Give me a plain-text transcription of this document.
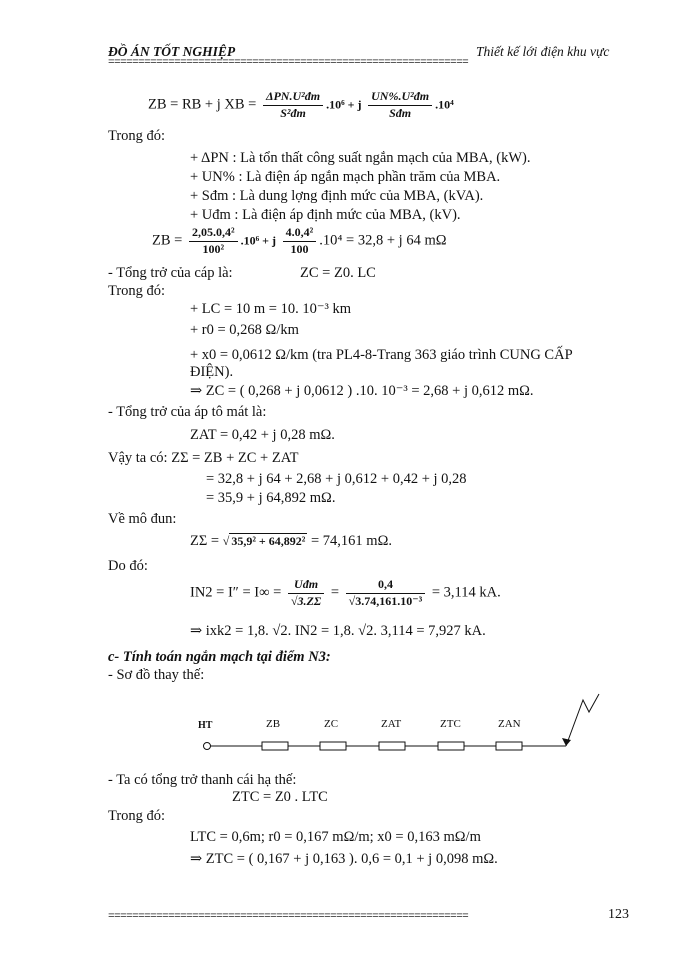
ĐỒ ÁN TỐT NGHIỆP	Thiết kế lới điện khu vực
============================================================
ZB = RB + j XB = $\frac{\text{ΔPN.U²đm}}{\text{S²đm}} .10^6 + j \frac{\text{UN\%.U²đm}}{\text{Sđm}} .10^4$
Trong đó:
+ ΔPN : Là tổn thất công suất ngắn mạch của MBA, (kW).
+ UN% : Là điện áp ngắn mạch phần trăm của MBA.
+ Sđm : Là dung lợng định mức của MBA, (kVA).
+ Uđm : Là điện áp định mức của MBA, (kV).
ZB = $\frac{\text{2,05.0,4²}}{\text{100²}} .10^6 + j \frac{\text{4.0,4²}}{100} .10^4 = 32,8 + j$ 64 mΩ
- Tổng trở của cáp là:	ZC = Z0. LC
Trong đó:
+ LC = 10 m = 10. 10⁻³ km
+ r0 = 0,268 Ω/km
+ x0 = 0,0612 Ω/km (tra PL4-8-Trang 363 giáo trình CUNG CẤP
ĐIỆN).
⇒ ZC = ( 0,268 + j 0,0612 ) .10. 10⁻³ = 2,68 + j 0,612 mΩ.
- Tổng trở của áp tô mát là:
ZAT = 0,42 + j 0,28 mΩ.
Vậy ta có: ZΣ = ZB + ZC + ZAT
= 32,8 + j 64 + 2,68 + j 0,612 + 0,42 + j 0,28
= 35,9 + j 64,892 mΩ.
Về mô đun:
ZΣ = √ 35,9² + 64,892² = 74,161 mΩ.
Do đó:
$IN2 = I'' = I\infty = \frac{\text{Uđm}}{√3.Z\Sigma} = \frac{0,4}{\text{√3.74,161.10⁻³}} = 3,114$ kA.
⇒ ixk2 = 1,8. √2. IN2 = 1,8. √2. 3,114 = 7,927 kA.
c- Tính toán ngắn mạch tại điểm N3:
- Sơ đồ thay thế:
HT	ZB	ZC	ZAT	ZTC	ZAN
- Ta có tổng trở thanh cái hạ thế:
ZTC = Z0 . LTC
Trong đó:
LTC = 0,6m; r0 = 0,167 mΩ/m; x0 = 0,163 mΩ/m
⇒ ZTC = ( 0,167 + j 0,163 ). 0,6 = 0,1 + j 0,098 mΩ.
============================================================	123
